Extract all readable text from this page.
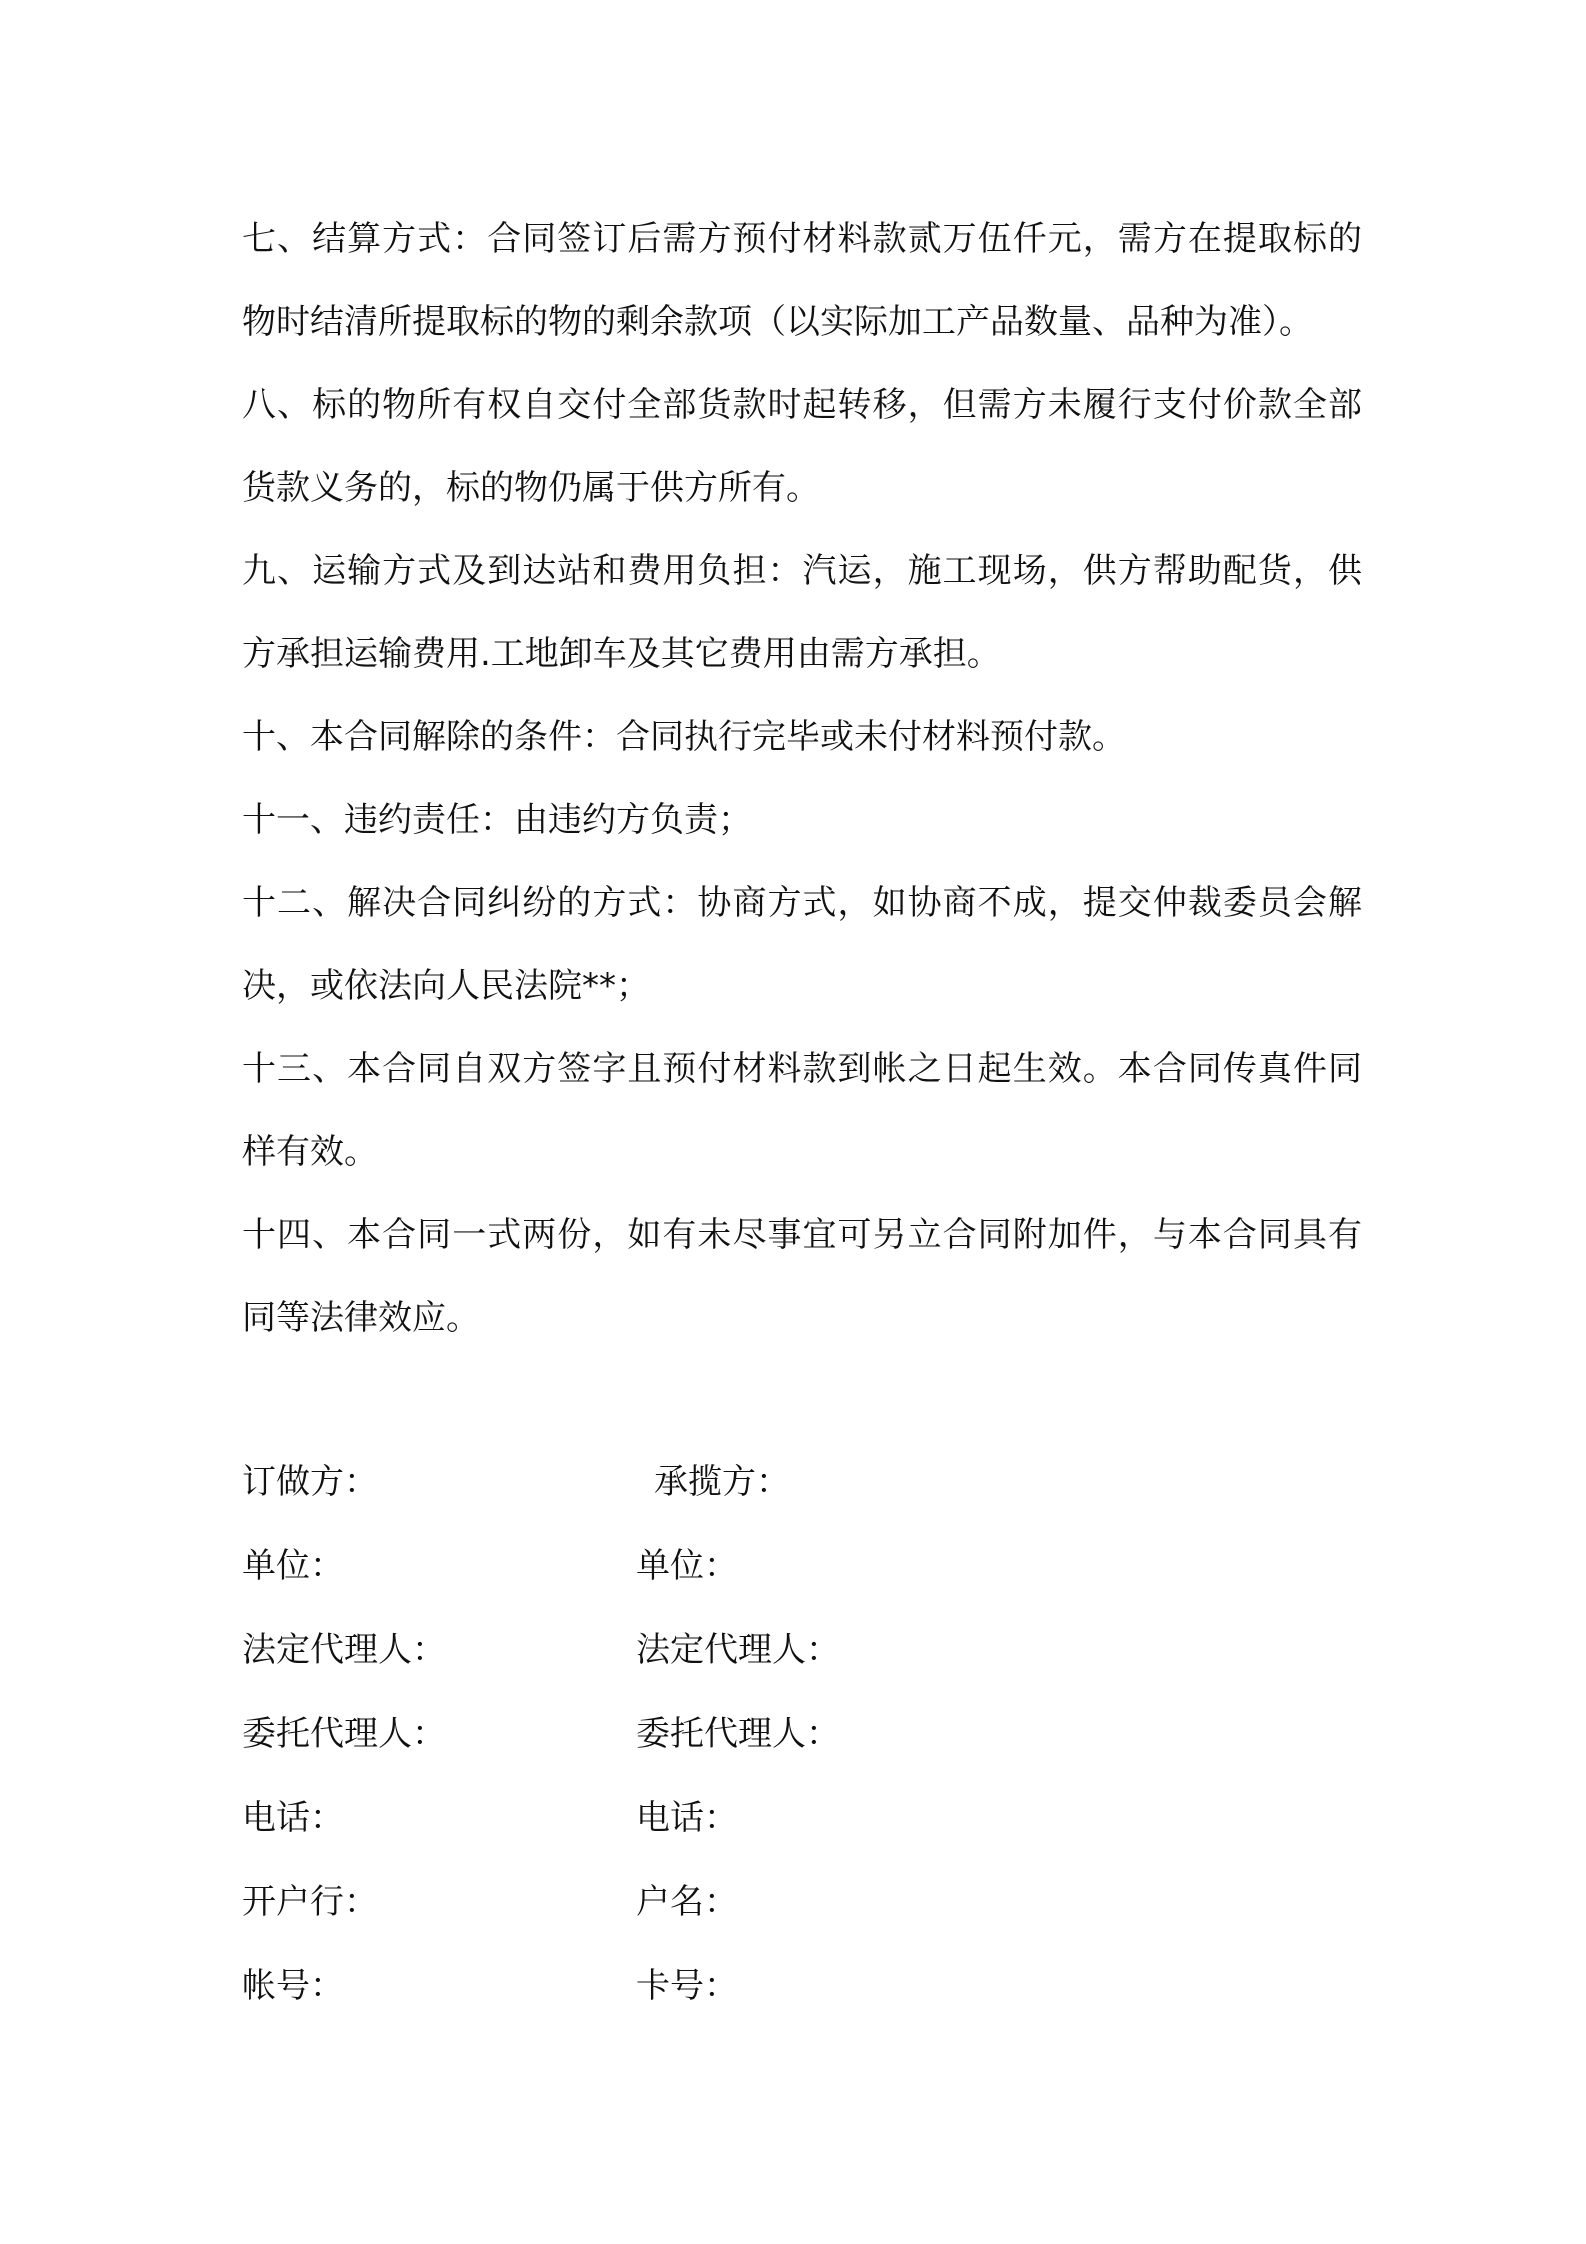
七、结算方式：合同签订后需方预付材料款贰万伍仟元，需方在提取标的物时结清所提取标的物的剩余款项（以实际加工产品数量、品种为准）。

八、标的物所有权自交付全部货款时起转移，但需方未履行支付价款全部货款义务的，标的物仍属于供方所有。

九、运输方式及到达站和费用负担：汽运，施工现场，供方帮助配货，供方承担运输费用.工地卸车及其它费用由需方承担。

十、本合同解除的条件：合同执行完毕或未付材料预付款。

十一、违约责任：由违约方负责；

十二、解决合同纠纷的方式：协商方式，如协商不成，提交仲裁委员会解决，或依法向人民法院**；

十三、本合同自双方签字且预付材料款到帐之日起生效。本合同传真件同样有效。

十四、本合同一式两份，如有未尽事宜可另立合同附加件，与本合同具有同等法律效应。

订做方：	承揽方：
单位：	单位：
法定代理人：	法定代理人：
委托代理人：	委托代理人：
电话：	电话：
开户行：	户名：
帐号：	卡号：
